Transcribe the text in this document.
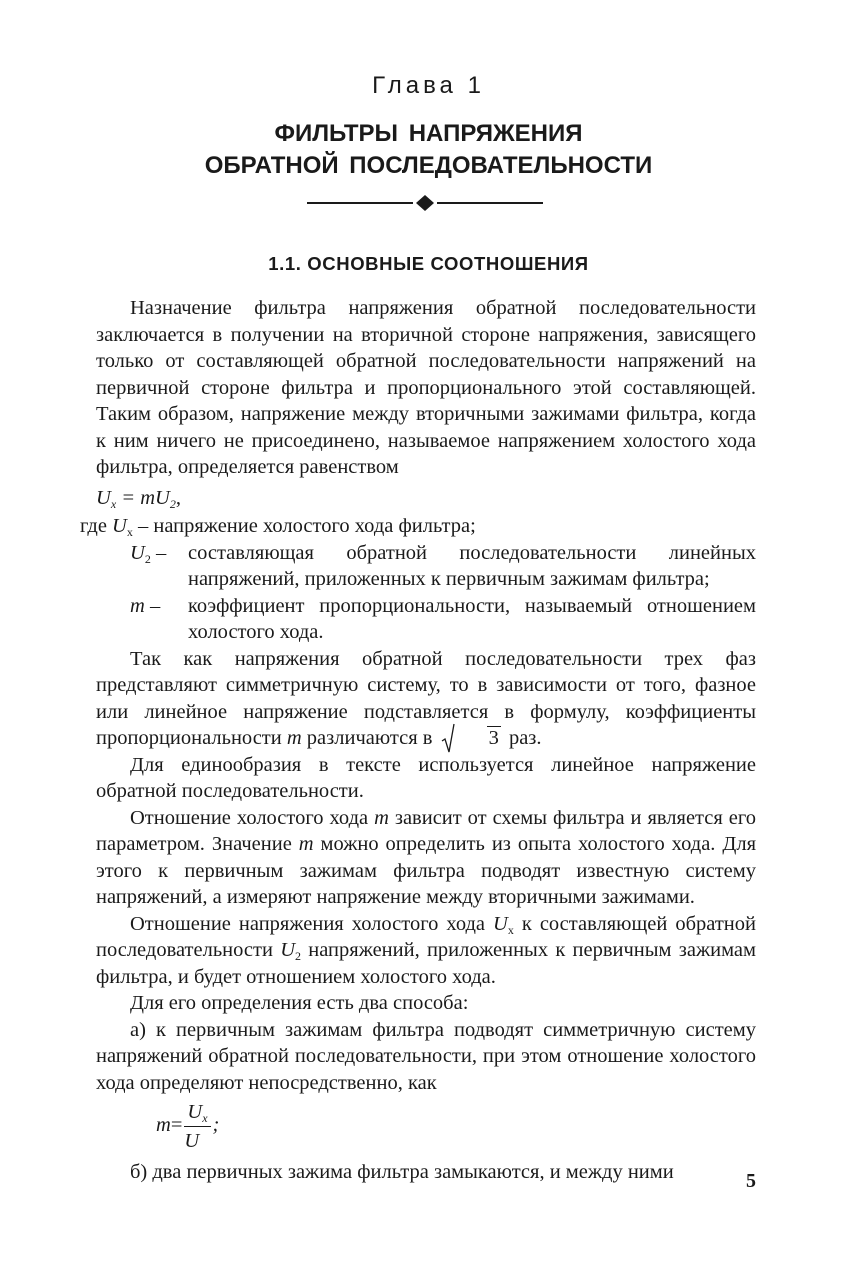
Глава 1
ФИЛЬТРЫ НАПРЯЖЕНИЯ
ОБРАТНОЙ ПОСЛЕДОВАТЕЛЬНОСТИ
1.1. ОСНОВНЫЕ СООТНОШЕНИЯ

Назначение фильтра напряжения обратной последовательности заключается в получении на вторичной стороне напряжения, зависящего только от составляющей обратной последовательности напряжений на первичной стороне фильтра и пропорционального этой составляющей. Таким образом, напряжение между вторичными зажимами фильтра, когда к ним ничего не присоединено, называемое напряжением холостого хода фильтра, определяется равенством

$U_х = mU_2$,

где $U_х$ – напряжение холостого хода фильтра;
$U_2$ –	составляющая обратной последовательности линейных напряжений, приложенных к первичным зажимам фильтра;
m –	коэффициент пропорциональности, называемый отношением холостого хода.

Так как напряжения обратной последовательности трех фаз представляют симметричную систему, то в зависимости от того, фазное или линейное напряжение подставляется в формулу, коэффициенты пропорциональности m различаются в
3 раз.

Для единообразия в тексте используется линейное напряжение обратной последовательности.

Отношение холостого хода m зависит от схемы фильтра и является его параметром. Значение m можно определить из опыта холостого хода. Для этого к первичным зажимам фильтра подводят известную систему напряжений, а измеряют напряжение между вторичными зажимами.

Отношение напряжения холостого хода $U_х$ к составляющей обратной последовательности $U_2$ напряжений, приложенных к первичным зажимам фильтра, и будет отношением холостого хода.

Для его определения есть два способа:

а) к первичным зажимам фильтра подводят симметричную систему напряжений обратной последовательности, при этом отношение холостого хода определяют непосредственно, как

$m= \frac{U_х}{U}$ ;

б) два первичных зажима фильтра замыкаются, и между ними	5
